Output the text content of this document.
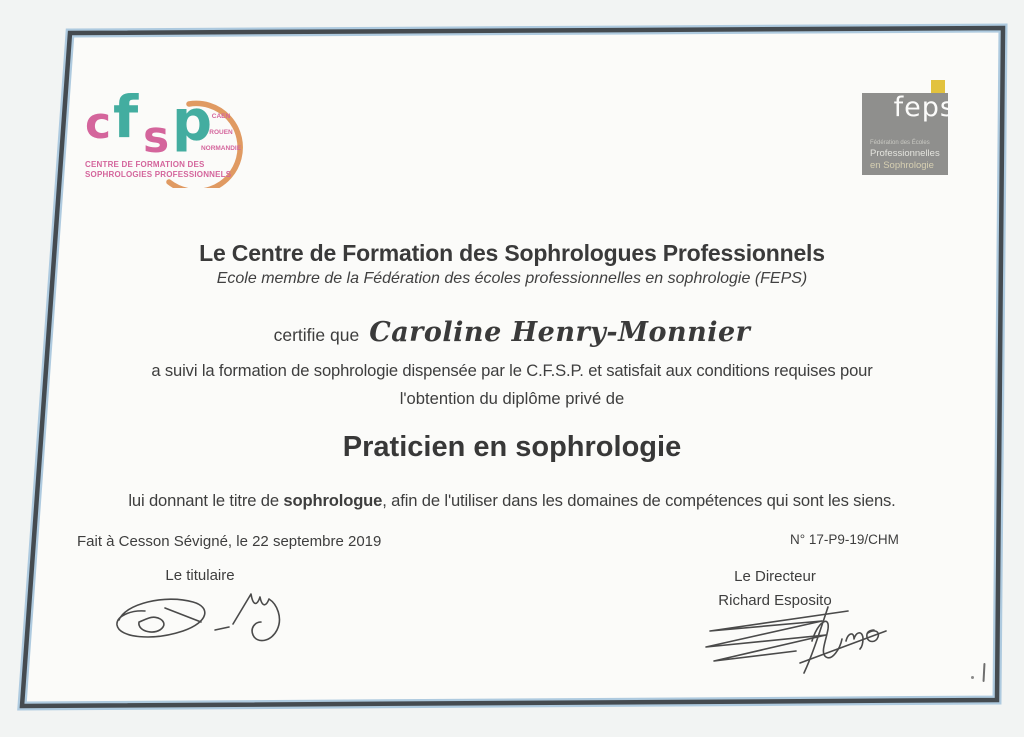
c f s p CAEN
ROUEN
NORMANDIE
CENTRE DE FORMATION DES
SOPHROLOGIES PROFESSIONNELS
feps
Fédération des Écoles
Professionnelles
en Sophrologie
Le Centre de Formation des Sophrologues Professionnels
Ecole membre de la Fédération des écoles professionnelles en sophrologie (FEPS)
certifie que Caroline Henry-Monnier
a suivi la formation de sophrologie dispensée par le C.F.S.P. et satisfait aux conditions requises pour
l'obtention du diplôme privé de
Praticien en sophrologie
lui donnant le titre de sophrologue, afin de l'utiliser dans les domaines de compétences qui sont les siens.
Fait à Cesson Sévigné, le 22 septembre 2019	N° 17-P9-19/CHM
Le titulaire	Le Directeur
Richard Esposito
